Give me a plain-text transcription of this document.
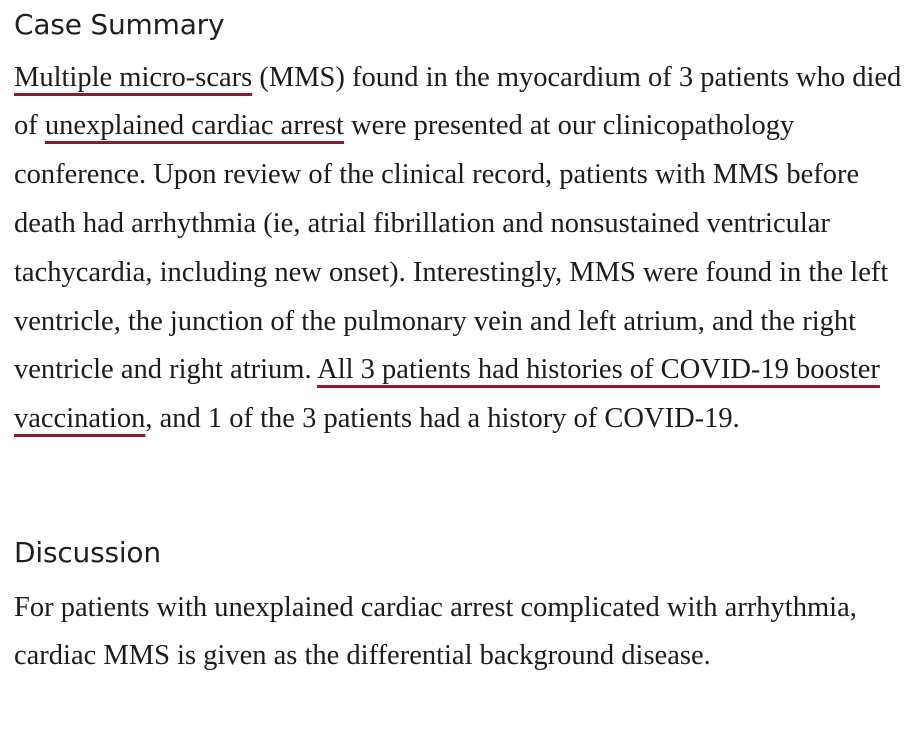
Case Summary

Multiple micro-scars (MMS) found in the myocardium of 3 patients who died of unexplained cardiac arrest were presented at our clinicopathology conference. Upon review of the clinical record, patients with MMS before death had arrhythmia (ie, atrial fibrillation and nonsustained ventricular tachycardia, including new onset). Interestingly, MMS were found in the left ventricle, the junction of the pulmonary vein and left atrium, and the right ventricle and right atrium. All 3 patients had histories of COVID-19 booster vaccination, and 1 of the 3 patients had a history of COVID-19.

Discussion

For patients with unexplained cardiac arrest complicated with arrhythmia, cardiac MMS is given as the differential background disease.
